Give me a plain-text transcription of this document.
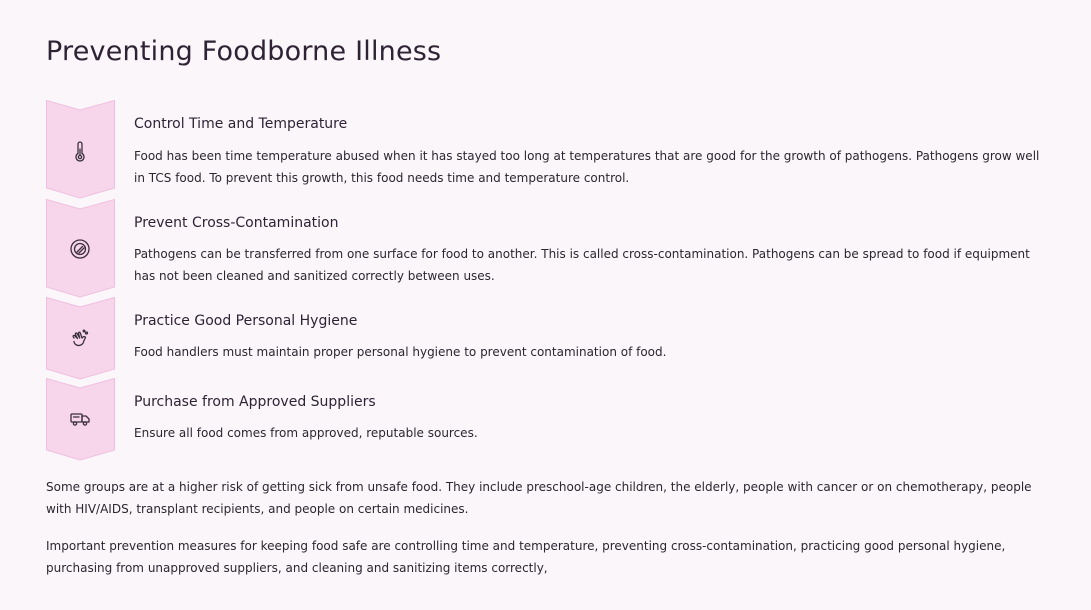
Preventing Foodborne Illness
Control Time and Temperature

Food has been time temperature abused when it has stayed too long at temperatures that are good for the growth of pathogens. Pathogens grow well in TCS food. To prevent this growth, this food needs time and temperature control.

Prevent Cross-Contamination

Pathogens can be transferred from one surface for food to another. This is called cross-contamination. Pathogens can be spread to food if equipment has not been cleaned and sanitized correctly between uses.

Practice Good Personal Hygiene

Food handlers must maintain proper personal hygiene to prevent contamination of food.

Purchase from Approved Suppliers

Ensure all food comes from approved, reputable sources.

Some groups are at a higher risk of getting sick from unsafe food. They include preschool-age children, the elderly, people with cancer or on chemotherapy, people with HIV/AIDS, transplant recipients, and people on certain medicines.

Important prevention measures for keeping food safe are controlling time and temperature, preventing cross-contamination, practicing good personal hygiene, purchasing from unapproved suppliers, and cleaning and sanitizing items correctly,
